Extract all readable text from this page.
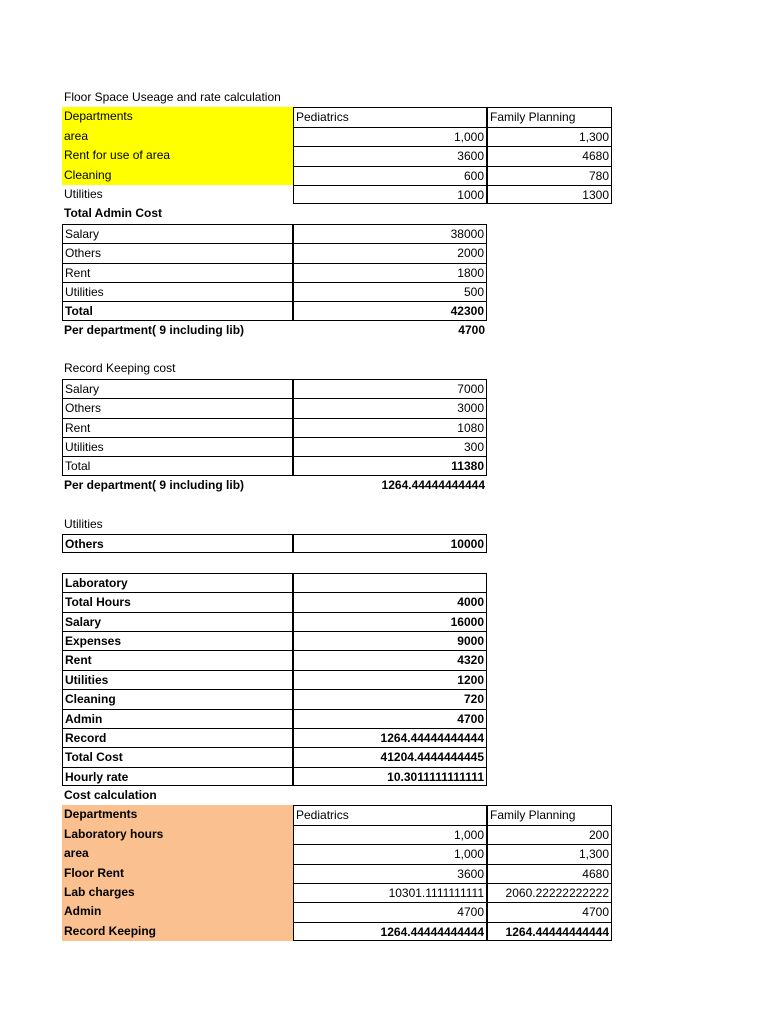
Floor Space Useage and rate calculation
Departments	Pediatrics	Family Planning
area	1,000	1,300
Rent for use of area	3600	4680
Cleaning	600	780
Utilities	1000	1300
Total Admin Cost
Salary	38000
Others	2000
Rent	1800
Utilities	500
Total	42300
Per department( 9 including lib)	4700
Record Keeping cost
Salary	7000
Others	3000
Rent	1080
Utilities	300
Total	11380
Per department( 9 including lib)	1264.44444444444
Utilities
Others	10000
Laboratory
Total Hours	4000
Salary	16000
Expenses	9000
Rent	4320
Utilities	1200
Cleaning	720
Admin	4700
Record	1264.44444444444
Total Cost	41204.4444444445
Hourly rate	10.3011111111111
Cost calculation
Departments	Pediatrics	Family Planning
Laboratory hours	1,000	200
area	1,000	1,300
Floor Rent	3600	4680
Lab charges	10301.1111111111	2060.22222222222
Admin	4700	4700
Record Keeping	1264.44444444444	1264.44444444444
